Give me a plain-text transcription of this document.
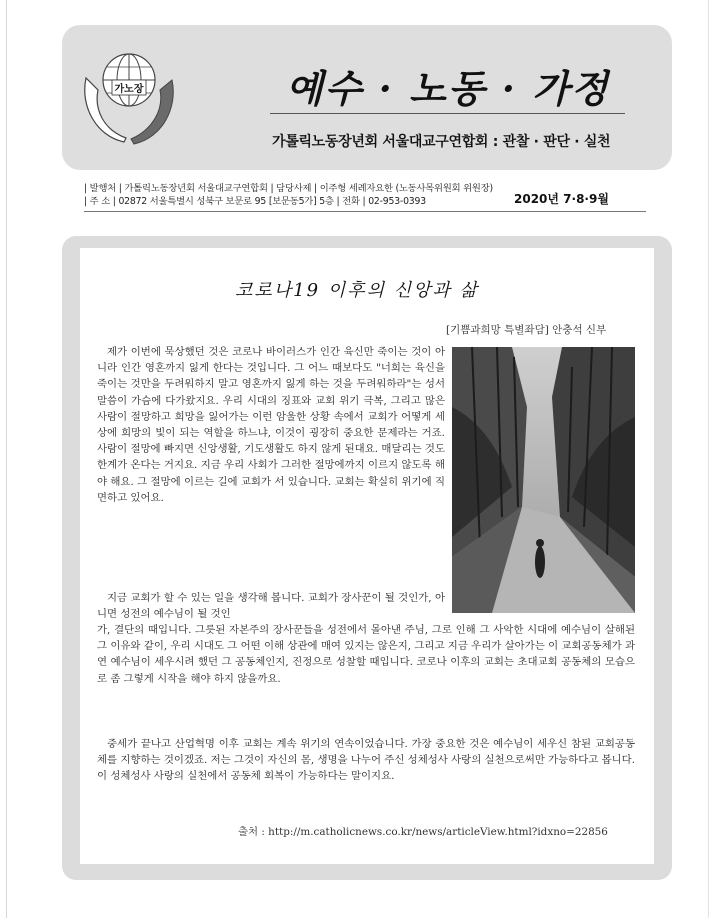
가노장	예수 · 노동 · 가정
가톨릭노동장년회 서울대교구연합회 : 관찰 · 판단 · 실천
| 발행처 | 가톨릭노동장년회 서울대교구연합회 | 담당사제 | 이주형 세례자요한 (노동사목위원회 위원장)
| 주 소 | 02872 서울특별시 성북구 보문로 95 [보문동5가] 5층 | 전화 | 02-953-0393	2020년 7·8·9월
코로나19 이후의 신앙과 삶
[기쁨과희망 특별좌담] 안충석 신부

제가 이번에 묵상했던 것은 코로나 바이러스가 인간 육신만 죽이는 것이 아니라 인간 영혼까지 잃게 한다는 것입니다. 그 어느 때보다도 "너희는 육신을 죽이는 것만을 두려워하지 말고 영혼까지 잃게 하는 것을 두려워하라"는 성서 말씀이 가슴에 다가왔지요. 우리 시대의 징표와 교회 위기 극복, 그리고 많은 사람이 절망하고 희망을 잃어가는 이런 암울한 상황 속에서 교회가 어떻게 세상에 희망의 빛이 되는 역할을 하느냐, 이것이 굉장히 중요한 문제라는 거죠. 사람이 절망에 빠지면 신앙생활, 기도생활도 하지 않게 된대요. 매달리는 것도 한계가 온다는 거지요. 지금 우리 사회가 그러한 절망에까지 이르지 않도록 해야 해요. 그 절망에 이르는 길에 교회가 서 있습니다. 교회는 확실히 위기에 직면하고 있어요.

지금 교회가 할 수 있는 일을 생각해 봅니다. 교회가 장사꾼이 될 것인가, 아니면 성전의 예수님이 될 것인

가, 결단의 때입니다. 그릇된 자본주의 장사꾼들을 성전에서 몰아낸 주님, 그로 인해 그 사악한 시대에 예수님이 살해된 그 이유와 같이, 우리 시대도 그 어떤 이해 상관에 매여 있지는 않은지, 그리고 지금 우리가 살아가는 이 교회공동체가 과연 예수님이 세우시려 했던 그 공동체인지, 진정으로 성찰할 때입니다. 코로나 이후의 교회는 초대교회 공동체의 모습으로 좀 그렇게 시작을 해야 하지 않을까요.

중세가 끝나고 산업혁명 이후 교회는 계속 위기의 연속이었습니다. 가장 중요한 것은 예수님이 세우신 참된 교회공동체를 지향하는 것이겠죠. 저는 그것이 자신의 몸, 생명을 나누어 주신 성체성사 사랑의 실천으로써만 가능하다고 봅니다. 이 성체성사 사랑의 실천에서 공동체 회복이 가능하다는 말이지요.

출처 : http://m.catholicnews.co.kr/news/articleView.html?idxno=22856
